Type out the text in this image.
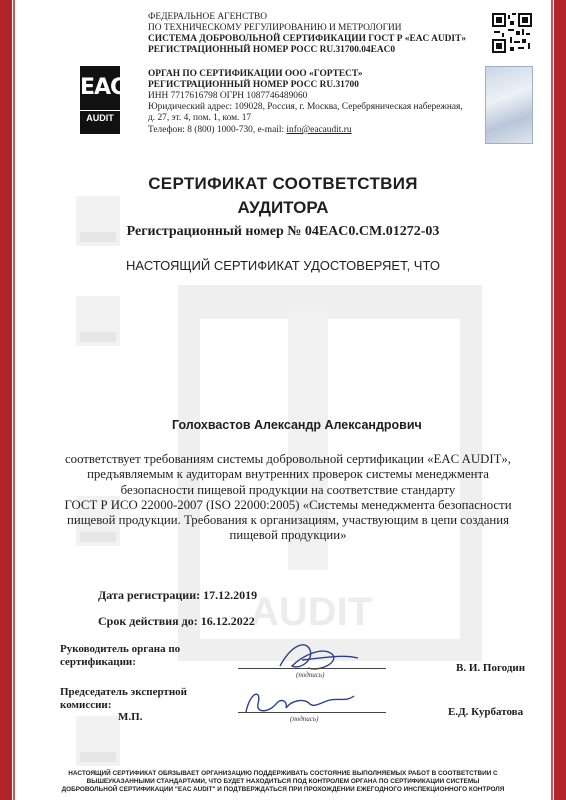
AUDIT
EAC
AUDIT
ФЕДЕРАЛЬНОЕ АГЕНСТВО
ПО ТЕХНИЧЕСКОМУ РЕГУЛИРОВАНИЮ И МЕТРОЛОГИИ
СИСТЕМА ДОБРОВОЛЬНОЙ СЕРТИФИКАЦИИ ГОСТ Р «EAC AUDIT»
РЕГИСТРАЦИОННЫЙ НОМЕР РОСС RU.31700.04EAC0
ОРГАН ПО СЕРТИФИКАЦИИ ООО «ГОРТЕСТ»
РЕГИСТРАЦИОННЫЙ НОМЕР РОСС RU.31700
ИНН 7717616798 ОГРН 1087746489060
Юридический адрес: 109028, Россия, г. Москва, Серебряническая набережная,
д. 27, эт. 4, пом. 1, ком. 17
Телефон: 8 (800) 1000-730, e-mail: info@eacaudit.ru
СЕРТИФИКАТ СООТВЕТСТВИЯ
АУДИТОРА
Регистрационный номер № 04EAC0.CM.01272-03
НАСТОЯЩИЙ СЕРТИФИКАТ УДОСТОВЕРЯЕТ, ЧТО
Голохвастов Александр Александрович
соответствует требованиям системы добровольной сертификации «EAC AUDIT»,
предъявляемым к аудиторам внутренних проверок системы менеджмента
безопасности пищевой продукции на соответствие стандарту
ГОСТ Р ИСО 22000-2007 (ISO 22000:2005) «Системы менеджмента безопасности
пищевой продукции. Требования к организациям, участвующим в цепи создания
пищевой продукции»
Дата регистрации: 17.12.2019
Срок действия до: 16.12.2022
Руководитель органа по
сертификации:
(подпись)
В. И. Погодин
Председатель экспертной
комиссии:
М.П.	(подпись)
Е.Д. Курбатова
НАСТОЯЩИЙ СЕРТИФИКАТ ОБЯЗЫВАЕТ ОРГАНИЗАЦИЮ ПОДДЕРЖИВАТЬ СОСТОЯНИЕ ВЫПОЛНЯЕМЫХ РАБОТ В СООТВЕТСТВИИ С
ВЫШЕУКАЗАННЫМИ СТАНДАРТАМИ, ЧТО БУДЕТ НАХОДИТЬСЯ ПОД КОНТРОЛЕМ ОРГАНА ПО СЕРТИФИКАЦИИ СИСТЕМЫ
ДОБРОВОЛЬНОЙ СЕРТИФИКАЦИИ "EAC AUDIT" И ПОДТВЕРЖДАТЬСЯ ПРИ ПРОХОЖДЕНИИ ЕЖЕГОДНОГО ИНСПЕКЦИОННОГО КОНТРОЛЯ
